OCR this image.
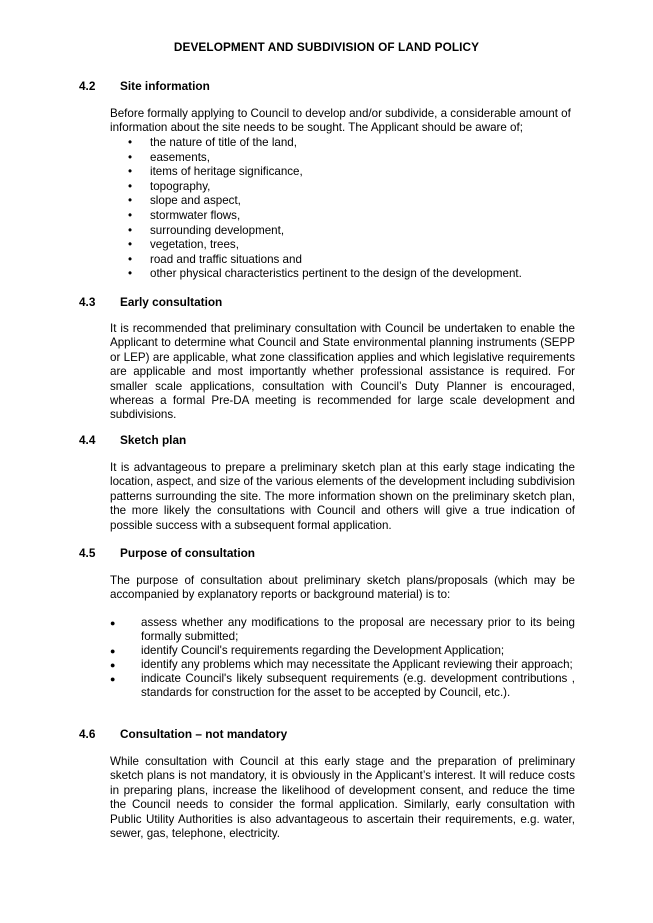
DEVELOPMENT AND SUBDIVISION OF LAND POLICY
4.2 Site information

Before formally applying to Council to develop and/or subdivide, a considerable amount of information about the site needs to be sought. The Applicant should be aware of;

• the nature of title of the land,
• easements,
• items of heritage significance,
• topography,
• slope and aspect,
• stormwater flows,
• surrounding development,
• vegetation, trees,
• road and traffic situations and
• other physical characteristics pertinent to the design of the development.
4.3 Early consultation

It is recommended that preliminary consultation with Council be undertaken to enable the Applicant to determine what Council and State environmental planning instruments (SEPP or LEP) are applicable, what zone classification applies and which legislative requirements are applicable and most importantly whether professional assistance is required. For smaller scale applications, consultation with Council’s Duty Planner is encouraged, whereas a formal Pre-DA meeting is recommended for large scale development and subdivisions.

4.4 Sketch plan

It is advantageous to prepare a preliminary sketch plan at this early stage indicating the location, aspect, and size of the various elements of the development including subdivision patterns surrounding the site. The more information shown on the preliminary sketch plan, the more likely the consultations with Council and others will give a true indication of possible success with a subsequent formal application.

4.5 Purpose of consultation

The purpose of consultation about preliminary sketch plans/proposals (which may be accompanied by explanatory reports or background material) is to:

● assess whether any modifications to the proposal are necessary prior to its being formally submitted;
● identify Council's requirements regarding the Development Application;
● identify any problems which may necessitate the Applicant reviewing their approach;
● indicate Council's likely subsequent requirements (e.g. development contributions , standards for construction for the asset to be accepted by Council, etc.).
4.6 Consultation – not mandatory

While consultation with Council at this early stage and the preparation of preliminary sketch plans is not mandatory, it is obviously in the Applicant’s interest. It will reduce costs in preparing plans, increase the likelihood of development consent, and reduce the time the Council needs to consider the formal application. Similarly, early consultation with Public Utility Authorities is also advantageous to ascertain their requirements, e.g. water, sewer, gas, telephone, electricity.
